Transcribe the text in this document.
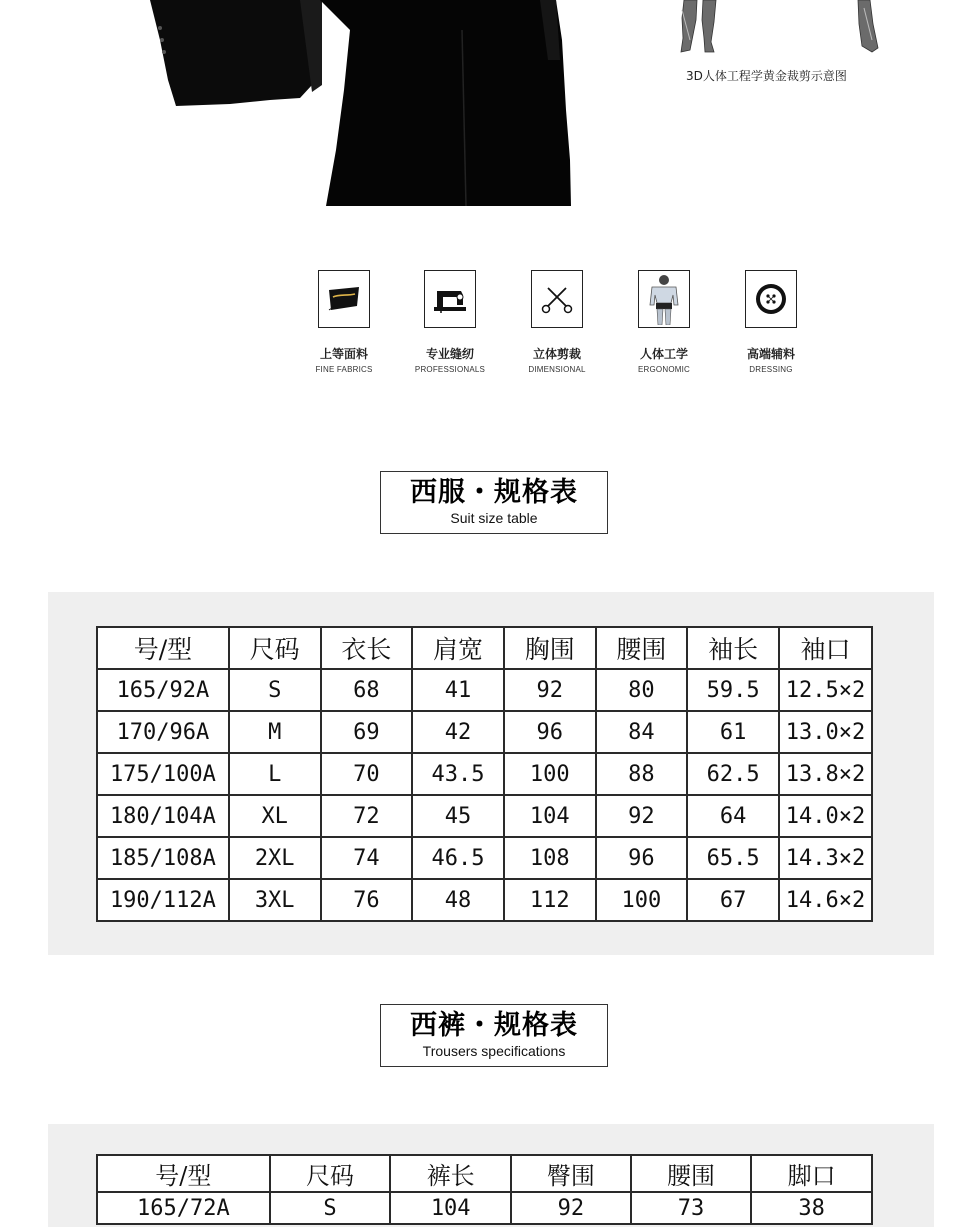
3D人体工程学黄金裁剪示意图
上等面料
FINE FABRICS
专业缝纫
PROFESSIONALS
立体剪裁
DIMENSIONAL
人体工学
ERGONOMIC
高端辅料
DRESSING
西服・规格表
Suit size table
号/型	尺码	衣长	肩宽	胸围	腰围	袖长	袖口
165/92A	S	68	41	92	80	59.5	12.5×2
170/96A	M	69	42	96	84	61	13.0×2
175/100A	L	70	43.5	100	88	62.5	13.8×2
180/104A	XL	72	45	104	92	64	14.0×2
185/108A	2XL	74	46.5	108	96	65.5	14.3×2
190/112A	3XL	76	48	112	100	67	14.6×2
西裤・规格表
Trousers specifications
号/型	尺码	裤长	臀围	腰围	脚口
165/72A	S	104	92	73	38
